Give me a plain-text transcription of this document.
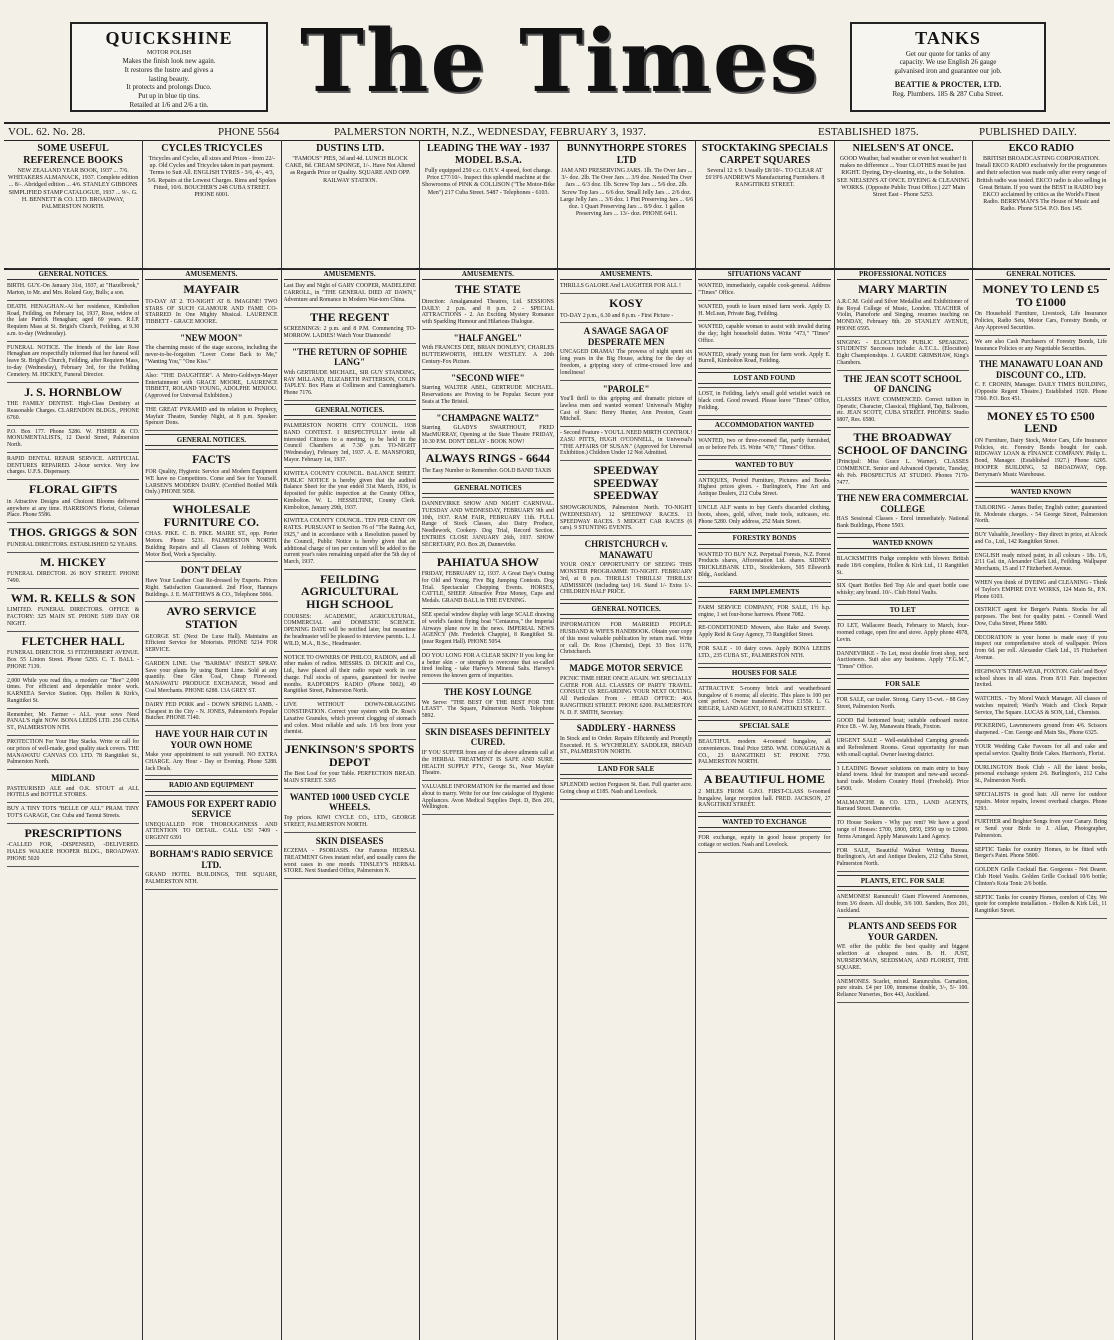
QUICKSHINE
MOTOR POLISH
Makes the finish look new again.
It restores the lustre and gives a
lasting beauty.
It protects and prolongs Duco.
Put up in blue tip tins.
Retailed at 1/6 and 2/6 a tin.	The Times	TANKS
Get our quote for tanks of any
capacity. We use English 26 gauge
galvanised iron and guarantee our job.
BEATTIE & PROCTER, LTD.
Reg. Plumbers. 185 & 287 Cuba Street.
VOL. 62. No. 28.	PHONE 5564	PALMERSTON NORTH, N.Z., WEDNESDAY, FEBRUARY 3, 1937.	ESTABLISHED 1875.	PUBLISHED DAILY.
SOME USEFUL REFERENCE BOOKS
NEW ZEALAND YEAR BOOK, 1937 ... 7/6. WHITAKERS ALMANACK, 1937. Complete edition ... 8/-. Abridged edition ... 4/6. STANLEY GIBBONS SIMPLIFIED STAMP CATALOGUE, 1937 ... 9/-. G. H. BENNETT & CO. LTD. BROADWAY, PALMERSTON NORTH.
CYCLES TRICYCLES
Tricycles and Cycles, all sizes and Prices - from 22/- up. Old Cycles and Tricycles taken in part payment. Terms to Suit All. ENGLISH TYRES - 3/6, 4/-, 4/3, 5/6. Repairs at the Lowest Charges. Rims and Spokes Fitted, 10/6. BOUCHER'S 248 CUBA STREET. PHONE 6001.
DUSTINS LTD.
"FAMOUS" PIES, 3d and 4d. LUNCH BLOCK CAKE, 8d. CREAM SPONGE, 1/-. Have Not Altered as Regards Price or Quality. SQUARE AND OPP. RAILWAY STATION.
LEADING THE WAY - 1937 MODEL B.S.A.
Fully equipped 250 c.c. O.H.V. 4 speed, foot change. Price £77/10/-. Inspect this splendid machine at the Showrooms of PINK & COLLISON ("The Motor-Bike Men") 217 Cuba Street. 5487 - Telephones - 6103.
BUNNYTHORPE STORES LTD
JAM AND PRESERVING JARS. 1lb. Tie Over Jars ... 3/- doz. 2lb. Tie Over Jars ... 3/9 doz. Nested Tin Over Jars ... 6/3 doz. 1lb. Screw Top Jars ... 5/6 doz. 2lb. Screw Top Jars ... 6/6 doz. Small Jelly Jars ... 2/6 doz. Large Jelly Jars ... 3/6 doz. 1 Pint Preserving Jars ... 6/6 doz. 1 Quart Preserving Jars ... 8/9 doz. 1 gallon Preserving Jars ... 13/- doz. PHONE 6411.
STOCKTAKING SPECIALS CARPET SQUARES
Several 12 x 9. Usually £8/10/-. TO CLEAR AT £6'19'6 ANDREW'S Manufacturing Furnishers. 8 RANGITIKEI STREET.
NIELSEN'S AT ONCE.
GOOD Weather, bad weather or even hot weather! It makes no difference ... Your CLOTHES must be just RIGHT. Dyeing, Dry-cleaning, etc., is the Solution. SEE NIELSEN'S AT ONCE. DYEING & CLEANING WORKS. (Opposite Public Trust Office.) 227 Main Street East - Phone 5253.
EKCO RADIO
BRITISH BROADCASTING CORPORATION. Install EKCO RADIO exclusively for the programmes and their selection was made only after every range of British radio was tested. EKCO radio is also selling in Great Britain. If you want the BEST in RADIO buy EKCO acclaimed by critics as the World's Finest Radio. BERRYMAN'S The House of Music and Radio. Phone 5154. P.O. Box 145.
GENERAL NOTICES.

BIRTH. GUY.-On January 31st, 1937, at "Hazelbrook," Marton, to Mr. and Mrs. Roland Guy, Bulls; a son.

DEATH. HENAGHAN.-At her residence, Kimbolton Road, Feilding, on February 1st, 1937, Rose, widow of the late Patrick Henaghan; aged 69 years. R.I.P. Requiem Mass at St. Brigid's Church, Feilding, at 9.30 a.m. to-day (Wednesday).

FUNERAL NOTICE. The friends of the late Rose Henaghan are respectfully informed that her funeral will leave St. Brigid's Church, Feilding, after Requiem Mass, to-day (Wednesday), February 3rd, for the Feilding Cemetery. M. HICKEY, Funeral Director.

J. S. HORNBLOW

THE FAMILY DENTIST. High-Class Dentistry at Reasonable Charges. CLARENDON BLDGS., PHONE 6760.

P.O. Box 177. Phone 5286. W. FISHER & CO. MONUMENTALISTS, 12 David Street, Palmerston North.

RAPID DENTAL REPAIR SERVICE. ARTIFICIAL DENTURES REPAIRED. 2-hour service. Very low charges. U.F.S. Dispensary.

FLORAL GIFTS

in Attractive Designs and Choicest Blooms delivered anywhere at any time. HARRISON'S Florist, Coleman Place. Phone 5586.

THOS. GRIGGS & SON

FUNERAL DIRECTORS. ESTABLISHED 52 YEARS.

M. HICKEY

FUNERAL DIRECTOR. 26 BOY STREET. PHONE 7490.

WM. R. KELLS & SON

LIMITED. FUNERAL DIRECTORS. OFFICE & FACTORY: 325 MAIN ST. PHONE 5189 DAY OR NIGHT.

FLETCHER HALL

FUNERAL DIRECTOR. 53 FITZHERBERT AVENUE. Box 55 Linton Street. Phone 5293. C. T. BALL - PHONE 7139.

2,000 While you read this, a modern car "Bee" 2,000 times. For efficient and dependable motor work. KARNEEA Service Station. Opp. Hollen & Kirk's, Rangitikei St.

Remember, Mr. Farmer - ALL your sows Need PANAL'S right NOW. BONA LEEDS LTD. 256 CUBA ST., PALMERSTON NTH.

PROTECTION For Your Hay Stacks. Write or call for our prices of well-made, good quality stack covers. THE MANAWATU CANVAS CO. LTD. 78 Rangitikei St., Palmerston North.

MIDLAND

PASTEURISED ALE and O.K. STOUT at ALL HOTELS and BOTTLE STORES.

BUY A TINY TOTS "BELLE OF ALL" PRAM. TINY TOT'S GARAGE, Cnr. Cuba and Taonui Streets.

PRESCRIPTIONS

-CALLED FOR, -DISPENSED, -DELIVERED. HALES WALKER HOOPER BLDG., BROADWAY. PHONE 5020

AMUSEMENTS.
MAYFAIR

TO-DAY AT 2. TO-NIGHT AT 8. IMAGINE! TWO STARS OF SUCH GLAMOUR AND FAME CO-STARRED In One Mighty Musical. LAURENCE TIBBETT - GRACE MOORE.

"NEW MOON"

The charming music of the stage success, including the never-to-be-forgotten "Lover Come Back to Me," "Wanting You," "One Kiss."

Also: "THE DAUGHTER". A Metro-Goldwyn-Mayer Entertainment with GRACE MOORE, LAURENCE TIBBETT, ROLAND YOUNG, ADOLPHE MENJOU. (Approved for Universal Exhibition.)

THE GREAT PYRAMID and its relation to Prophecy, Mayfair Theatre, Sunday Night, at 8 p.m. Speaker: Spencer Dons.

GENERAL NOTICES.
FACTS

FOR Quality, Hygienic Service and Modern Equipment WE have no Competitors. Come and See for Yourself. LARSEN'S MODERN DAIRY. (Certified Bottled Milk Only.) PHONE 5058.

WHOLESALE FURNITURE CO.

CHAS. PIKE. C. B. PIKE. MAIRE ST., opp. Porter Motors. Phone 5231. PALMERSTON NORTH. Building Repairs and all Classes of Jobbing Work. Motor Bod, Work a Speciality.

DON'T DELAY

Have Your Leather Coat Re-dressed by Experts. Prices Right. Satisfaction Guaranteed. 2nd Floor, Hannays Buildings. J. E. MATTHEWS & CO., Telephone 5066.

AVRO SERVICE STATION

GEORGE ST. (Next De Luxe Hall). Maintains an Efficient Service for Motorists. PHONE 5214 FOR SERVICE.

GARDEN LINE. Use "BARIMA" INSECT SPRAY. Save your plants by using Burnt Lime. Sold at any quantity. One Glen Coal, Cheap Firewood. MANAWATU PRODUCE EXCHANGE, Wood and Coal Merchants. PHONE 6288. 13A GREY ST.

DAIRY FED PORK and - DOWN SPRING LAMB. - Cheapest in the City - N. JONES, Palmerston's Popular Butcher. PHONE 7140.

HAVE YOUR HAIR CUT IN YOUR OWN HOME

Make your appointment to suit yourself. NO EXTRA CHARGE. Any Hour - Day or Evening. Phone 5288. Jack Deals.

RADIO AND EQUIPMENT
FAMOUS FOR EXPERT RADIO SERVICE

UNEQUALLED FOR THOROUGHNESS AND ATTENTION TO DETAIL. CALL US! 7409 - URGENT 6391

BORHAM'S RADIO SERVICE LTD.

GRAND HOTEL BUILDINGS, THE SQUARE, PALMERSTON NTH.

AMUSEMENTS.

Last Day and Night of GARY COOPER, MADELEINE CARROLL, in "THE GENERAL DIED AT DAWN," Adventure and Romance in Modern War-torn China.

THE REGENT

SCREENINGS: 2 p.m. and 8 P.M. Commencing TO-MORROW. LADIES! Watch Your Diamonds!

"THE RETURN OF SOPHIE LANG"

With GERTRUDE MICHAEL, SIR GUY STANDING, RAY MILLAND, ELIZABETH PATTERSON, COLIN TAPLEY. Box Plans at Collinson and Cunninghame's. Phone 7176.

GENERAL NOTICES.

PALMERSTON NORTH CITY COUNCIL. 1938 BAND CONTEST. I RESPECTFULLY invite all interested Citizens to a meeting, to be held in the Council Chambers at 7.30 p.m. TO-NIGHT (Wednesday), February 3rd, 1937. A. E. MANSFORD, Mayor. February 1st, 1937.

KIWITEA COUNTY COUNCIL. BALANCE SHEET. PUBLIC NOTICE is hereby given that the audited Balance Sheet for the year ended 31st March, 1936, is deposited for public inspection at the County Office, Kimbolton. W. L. HESSELTINE, County Clerk. Kimbolton, January 29th, 1937.

KIWITEA COUNTY COUNCIL. TEN PER CENT ON RATES. PURSUANT to Section 76 of "The Rating Act, 1925," and in accordance with a Resolution passed by the Council, Public Notice is hereby given that an additional charge of ten per centum will be added to the current year's rates remaining unpaid after the 5th day of March, 1937.

FEILDING AGRICULTURAL HIGH SCHOOL

COURSES: ACADEMIC, AGRICULTURAL, COMMERCIAL and DOMESTIC SCIENCE. OPENING DATE will be notified later, but meantime the headmaster will be pleased to interview parents. L. J. WILD, M.A., B.Sc., Headmaster.

NOTICE TO OWNERS OF PHILCO, RADION, and all other makes of radios. MESSRS. D. DICKIE and Co., Ltd., have placed all their radio repair work in our charge. Full stocks of spares, guaranteed for twelve months. RADFORD'S RADIO (Phone 5002), 49 Rangitikei Street, Palmerston North.

LIVE WITHOUT DOWN-DRAGGING CONSTIPATION. Correct your system with Dr. Ross's Laxative Granules, which prevent clogging of stomach and colon. Most reliable and safe. 1/6 box from your chemist.

JENKINSON'S SPORTS DEPOT

The Best Loaf for your Table. PERFECTION BREAD. MAIN STREET. 5365

WANTED 1000 USED CYCLE WHEELS.

Top prices. KIWI CYCLE CO., LTD., GEORGE STREET, PALMERSTON NORTH.

SKIN DISEASES

ECZEMA - PSORIASIS. Our Famous HERBAL TREATMENT Gives instant relief, and usually cures the worst cases in one month. TINSLEY'S HERBAL STORE. Next Standard Office, Palmerston N.

AMUSEMENTS.
THE STATE

Direction: Amalgamated Theatres, Ltd. SESSIONS DAILY: 2 p.m. and 8 p.m. 2 - SPECIAL ATTRACTIONS - 2. An Exciting Mystery Romance with Sparkling Humour and Hilarious Dialogue.

"HALF ANGEL"

With FRANCES DEE, BRIAN DONLEVY, CHARLES BUTTERWORTH, HELEN WESTLEY. A 20th Century-Fox Picture.

"SECOND WIFE"

Starring WALTER ABEL, GERTRUDE MICHAEL. Reservations are Proving to be Popular. Secure your Seats at The Bristol.

"CHAMPAGNE WALTZ"

Starring GLADYS SWARTHOUT, FRED MacMURRAY, Opening at the State Theatre FRIDAY, 10.30 P.M. DON'T DELAY - BOOK NOW!

ALWAYS RINGS - 6644

The Easy Number to Remember. GOLD BAND TAXIS

GENERAL NOTICES

DANNEVIRKE SHOW AND NIGHT CARNIVAL. TUESDAY AND WEDNESDAY, FEBRUARY 9th and 10th, 1937. RAM FAIR, FEBRUARY 11th. FULL Range of Stock Classes, also Dairy Produce, Needlework, Cookery. Dog Trial, Record Section. ENTRIES CLOSE JANUARY 26th, 1937. SHOW SECRETARY, P.O. Box 28, Dannevirke.

PAHIATUA SHOW

FRIDAY, FEBRUARY 12, 1937. A Great Day's Outing for Old and Young. Five Big Jumping Contests. Dog Trial. Spectacular Chopping Events. HORSES, CATTLE, SHEEP. Attractive Prize Money, Cups and Medals. GRAND BALL in THE EVENING.

SEE special window display with large SCALE drawing of world's fastest flying boat "Centaurus," the Imperial Airways plane now in the news. IMPERIAL NEWS AGENCY (Mr. Frederick Chappie), 8 Rangitikei St. (near Regent Hall). PHONE 5054.

DO YOU LONG FOR A CLEAR SKIN? If you long for a better skin - or strength to overcome that so-called tired feeling - take Harvey's Mineral Salts. Harvey's removes the known germ of impurities.

THE KOSY LOUNGE

We Serve: "THE BEST OF THE BEST FOR THE LEAST". The Square, Palmerston North. Telephone 5892.

SKIN DISEASES DEFINITELY CURED.

IF YOU SUFFER from any of the above ailments call at the HERBAL TREATMENT IS SAFE AND SURE. HEALTH SUPPLY PTY., George St., Near Mayfair Theatre.

VALUABLE INFORMATION for the married and those about to marry. Write for our free catalogue of Hygienic Appliances. Avon Medical Supplies Dept. D, Box 201, Wellington.

AMUSEMENTS.

THRILLS GALORE And LAUGHTER FOR ALL !

KOSY

TO-DAY 2 p.m., 6.30 and 8 p.m. - First Picture -

A SAVAGE SAGA OF DESPERATE MEN

UNCAGED DRAMA! The prowess of night spent six long years in the Big House, aching for the day of freedom, a gripping story of crime-crossed love and loneliness!

"PAROLE"

You'll thrill to this gripping and dramatic picture of lawless men and wanted women! Universal's Mighty Cast of Stars: Henry Hunter, Ann Preston, Grant Mitchell.

- Second Feature - YOU'LL NEED MIRTH CONTROL! ZASU PITTS, HUGH O'CONNELL, in Universal's "THE AFFAIRS OF SUSAN." (Approved for Universal Exhibition.) Children Under 12 Not Admitted.

SPEEDWAY SPEEDWAY SPEEDWAY

SHOWGROUNDS, Palmerston North. TO-NIGHT (WEDNESDAY). 12 SPEEDWAY RACES. 13 SPEEDWAY RACES. 5 MIDGET CAR RACES (6 cars). 9 STUNTING EVENTS.

CHRISTCHURCH v. MANAWATU

YOUR ONLY OPPORTUNITY OF SEEING THIS MONSTER PROGRAMME TO-NIGHT. FEBRUARY 3rd, at 8 p.m. THRILLS! THRILLS! THRILLS! ADMISSION (including tax) 1/6. Stand 1/- Extra 1/-. CHILDREN HALF PRICE.

GENERAL NOTICES.

INFORMATION FOR MARRIED PEOPLE. HUSBAND & WIFE'S HANDBOOK. Obtain your copy of this most valuable publication by return mail. Write or call. Dr. Ross (Chemist), Dept. 33 Box 1178, Christchurch.

MADGE MOTOR SERVICE

PICNIC TIME HERE ONCE AGAIN. WE SPECIALLY CATER FOR ALL CLASSES OF PARTY TRAVEL. CONSULT US REGARDING YOUR NEXT OUTING. All Particulars From - HEAD OFFICE: 40A RANGITIKEI STREET. PHONE 6200. PALMERSTON N. D. F. SMITH, Secretary.

SADDLERY - HARNESS

In Stock and to Order. Repairs Efficiently and Promptly Executed. H. S. WYCHERLEY. SADDLER, BROAD ST., PALMERSTON NORTH.

LAND FOR SALE

SPLENDID section Ferguson St. East. Full quarter acre. Going cheap at £185. Nash and Lovelock.

SITUATIONS VACANT

WANTED, immediately, capable cook-general. Address "Times" Office.

WANTED, youth to learn mixed farm work. Apply D. H. McLean, Private Bag, Feilding.

WANTED, capable woman to assist with invalid during the day; light household duties. Write "473," "Times" Office.

WANTED, steady young man for farm work. Apply E. Burrell, Kimbolton Road, Feilding.

LOST AND FOUND

LOST, in Feilding, lady's small gold wristlet watch on black cord. Good reward. Please leave "Times" Office, Feilding.

ACCOMMODATION WANTED

WANTED, two or three-roomed flat, partly furnished, on or before Feb. 15. Write "470," "Times" Office.

WANTED TO BUY

ANTIQUES, Period Furniture, Pictures and Books. Highest prices given. - Burlington's, Fine Art and Antique Dealers, 212 Cuba Street.

UNCLE ALF wants to buy Gent's discarded clothing, boots, shoes, gold, silver, trade tools, suitcases, etc. Phone 5280. Only address, 252 Main Street.

FORESTRY BONDS

WANTED TO BUY N.Z. Perpetual Forests, N.Z. Forest Products shares, Afforestation Ltd. shares. SIDNEY TRICKLEBANK LTD., Stockbrokers, 505 Ellsworth Bldg., Auckland.

FARM IMPLEMENTS

FARM SERVICE COMPANY, FOR SALE, 1½ h.p. engine, 1 set four-horse harrows. Phone 7082.

RE-CONDITIONED Mowers, also Rake and Sweep. Apply Reid & Gray Agency, 73 Rangitikei Street.

FOR SALE - 10 dairy cows. Apply BONA LEEDS LTD., 235 CUBA ST., PALMERSTON NTH.

HOUSES FOR SALE

ATTRACTIVE 5-roomy brick and weatherboard bungalow of 6 rooms; all electric. This place is 100 per cent perfect. Owner transferred. Price £1550. L. G. RIEGER, LAND AGENT, 10 RANGITIKEI STREET.

SPECIAL SALE

BEAUTIFUL modern 4-roomed bungalow, all conveniences. Total Price £850. WM. CONAGHAN & CO., 23 RANGITIKEI ST. PHONE 7750. PALMERSTON NORTH.

A BEAUTIFUL HOME

2 MILES FROM G.P.O. FIRST-CLASS 6-roomed bungalow, large reception hall. FRED. JACKSON, 27 RANGITIKEI STREET.

WANTED TO EXCHANGE

FOR exchange, equity in good house property for cottage or section. Nash and Lovelock.

PROFESSIONAL NOTICES
MARY MARTIN

A.R.C.M. Gold and Silver Medallist and Exhibitioner of the Royal College of Music, London. TEACHER of Violin, Pianoforte and Singing, resumes teaching on MONDAY, February 8th. 20 STANLEY AVENUE, PHONE 6595.

SINGING - ELOCUTION PUBLIC SPEAKING. STUDENTS' Successes include: A.T.C.L. (Elocution) Eight Championships. J. GARDE GRIMSHAW, King's Chambers.

THE JEAN SCOTT SCHOOL OF DANCING

CLASSES HAVE COMMENCED. Correct tuition in Operatic, Character, Classical, Highland, Tap, Ballroom, etc. JEAN SCOTT, CUBA STREET. PHONES: Studio 6807, Res. 6580.

THE BROADWAY SCHOOL OF DANCING

(Principal: Miss Grace L. Warner). CLASSES COMMENCE. Senior and Advanced Operatic, Tuesday, 4th Feb. PROSPECTUS AT STUDIO. Phones 7170-7477.

THE NEW ERA COMMERCIAL COLLEGE

HAS Sessional Classes - Enrol immediately. National Bank Buildings, Phone 5503.

WANTED KNOWN

BLACKSMITHS Fudge complete with blower. British made 18/6 complete, Hollen & Kirk Ltd., 11 Rangitikei St.

SIX Quart Bottles Bed Top Ale and quart bottle case whisky; any brand. 10/-. Club Hotel Vaults.

TO LET

TO LET, Wallacere Beach, February to March, four-roomed cottage, open fire and stove. Apply phone 4978, Levin.

DANNEVIRKE - To Let, most double front shop, next Auctioneers. Suit also any business. Apply "F.G.M.", "Times" Office.

FOR SALE

FOR SALE, car trailer. Strong. Carry 15-cwt. - 88 Grey Street, Palmerston North.

GOOD Bal bottomed boat; suitable outboard motor. Price £8. - W. Jay, Manawatu Heads, Foxton.

URGENT SALE - Well-established Camping grounds and Refreshment Rooms. Great opportunity for man with small capital. Owner leaving district.

3 LEADING Bowser solutions on main entry to busy inland towns. Ideal for transport and new-and second-hand trade. Modern Country Hotel (Freehold). Price £4500.

MALMANCHE & CO. LTD., LAND AGENTS, Barraud Street. Dannevirke.

TO House Seekers - Why pay rent? We have a good range of Houses: £700, £800, £850, £950 up to £2000. Terms Arranged. Apply Manawatu Land Agency.

FOR SALE, Beautiful Walnut Writing Bureau. Burlington's, Art and Antique Dealers, 212 Cuba Street, Palmerston North.

PLANTS, ETC. FOR SALE

ANEMONES! Ranunculi! Giant Flowered Anemones, from 3/6 dozen. All double, 3/6 100. Sanders, Box 201, Auckland.

PLANTS AND SEEDS FOR YOUR GARDEN.

WE offer the public the best quality and biggest selection at cheapest rates. B. H. JUST, NURSERYMAN, SEEDSMAN, AND FLORIST, THE SQUARE.

ANEMONES. Scarlet, mixed. Ranunculus. Carnation, pure strain. £4 per 100, immense double, 3/-, 5/- 100. Reliance Nurseries, Box 443, Auckland.

GENERAL NOTICES.
MONEY TO LEND £5 TO £1000

On Household Furniture, Livestock, Life Insurance Policies, Radio Sets, Motor Cars, Forestry Bonds, or Any Approved Securities.

We are also Cash Purchasers of Forestry Bonds, Life Insurance Policies or any Negotiable Securities.

THE MANAWATU LOAN AND DISCOUNT CO., LTD.

C. F. CRONIN, Manager. DAILY TIMES BUILDING, (Opposite Regent Theatre.) Established 1920. Phone 7360. P.O. Box 451.

MONEY £5 TO £500 LEND

ON Furniture, Dairy Stock, Motor Cars, Life Insurance Policies, etc. Forestry Bonds bought for cash. RIDGWAY LOAN & FINANCE COMPANY. Philip L. Bond, Manager. (Established 1927.) Phone 6205. HOOPER BUILDING, 52 BROADWAY, Opp. Berryman's Music Warehouse.

WANTED KNOWN

TAILORING - James Butler, English cutter; guaranteed fit. Moderate charges. - 54 George Street, Palmerston North.

BUY Valuable, Jewellery - Buy direct in price, at Alcock and Co., Ltd., 142 Rangitikei Street.

ENGLISH ready mixed paint, in all colours - 18s. 1/6, 2/11 Gal. tin, Alexander Clark Ltd., Feilding. Wallpaper Merchants, 15 and 17 Fitzherbert Avenue.

WHEN you think of DYEING and CLEANING - Think of Taylor's EMPIRE DYE WORKS, 124 Main St., P.N. Phone 6103.

DISTRICT agent for Berger's Paints. Stocks for all purposes. The best for quality paint. - Connell Ward Dow, Cuba Street, Phone 5880.

DECORATION is your home is made easy if you inspect our comprehensive stock of wallpaper. Prices from 6d. per roll. Alexander Clark Ltd., 15 Fitzherbert Avenue.

HIGHWAY'S TIME-WEAR, FOXTON. Girls' and Boys' school shoes in all sizes. From 8/11 Pair. Inspection Invited.

WATCHES. - Try Morel Watch Manager. All classes of watches repaired; Ward's Watch and Clock Repair Service, The Square. LUCAS & SON, Ltd., Chemists.

PICKERING, Lawnmowers ground from 4/6. Scissors sharpened. - Cnr. George and Main Sts., Phone 6325.

YOUR Wedding Cake Favours for all and cake and special service. Quality Bride Cakes. Harrison's, Florist.

DURLINGTON Book Club - All the latest books, personal exchange system 2/6. Burlington's, 212 Cuba St., Palmerston North.

SPECIALISTS in good hair. All nerve for outdoor repairs. Motor repairs, lowest overhaul charges. Phone 5293.

FURTHER and Brighter Songs from your Canary. Bring or Send your Birds to J. Allan, Photographer, Palmerston.

SEPTIC Tanks for country Homes, to be fitted with Berger's Paint. Phone 5800.

GOLDEN Grille Cocktail Bar. Gorgeous - Not Dearer. Club Hotel Vaults. Golden Grille Cocktail 10/6 bottle; Clinton's Koia Tonic 2/6 bottle.

SEPTIC Tanks for country Homes, comfort of City. We quote for complete installation. - Hollen & Kirk Ltd., 11 Rangitikei Street.
